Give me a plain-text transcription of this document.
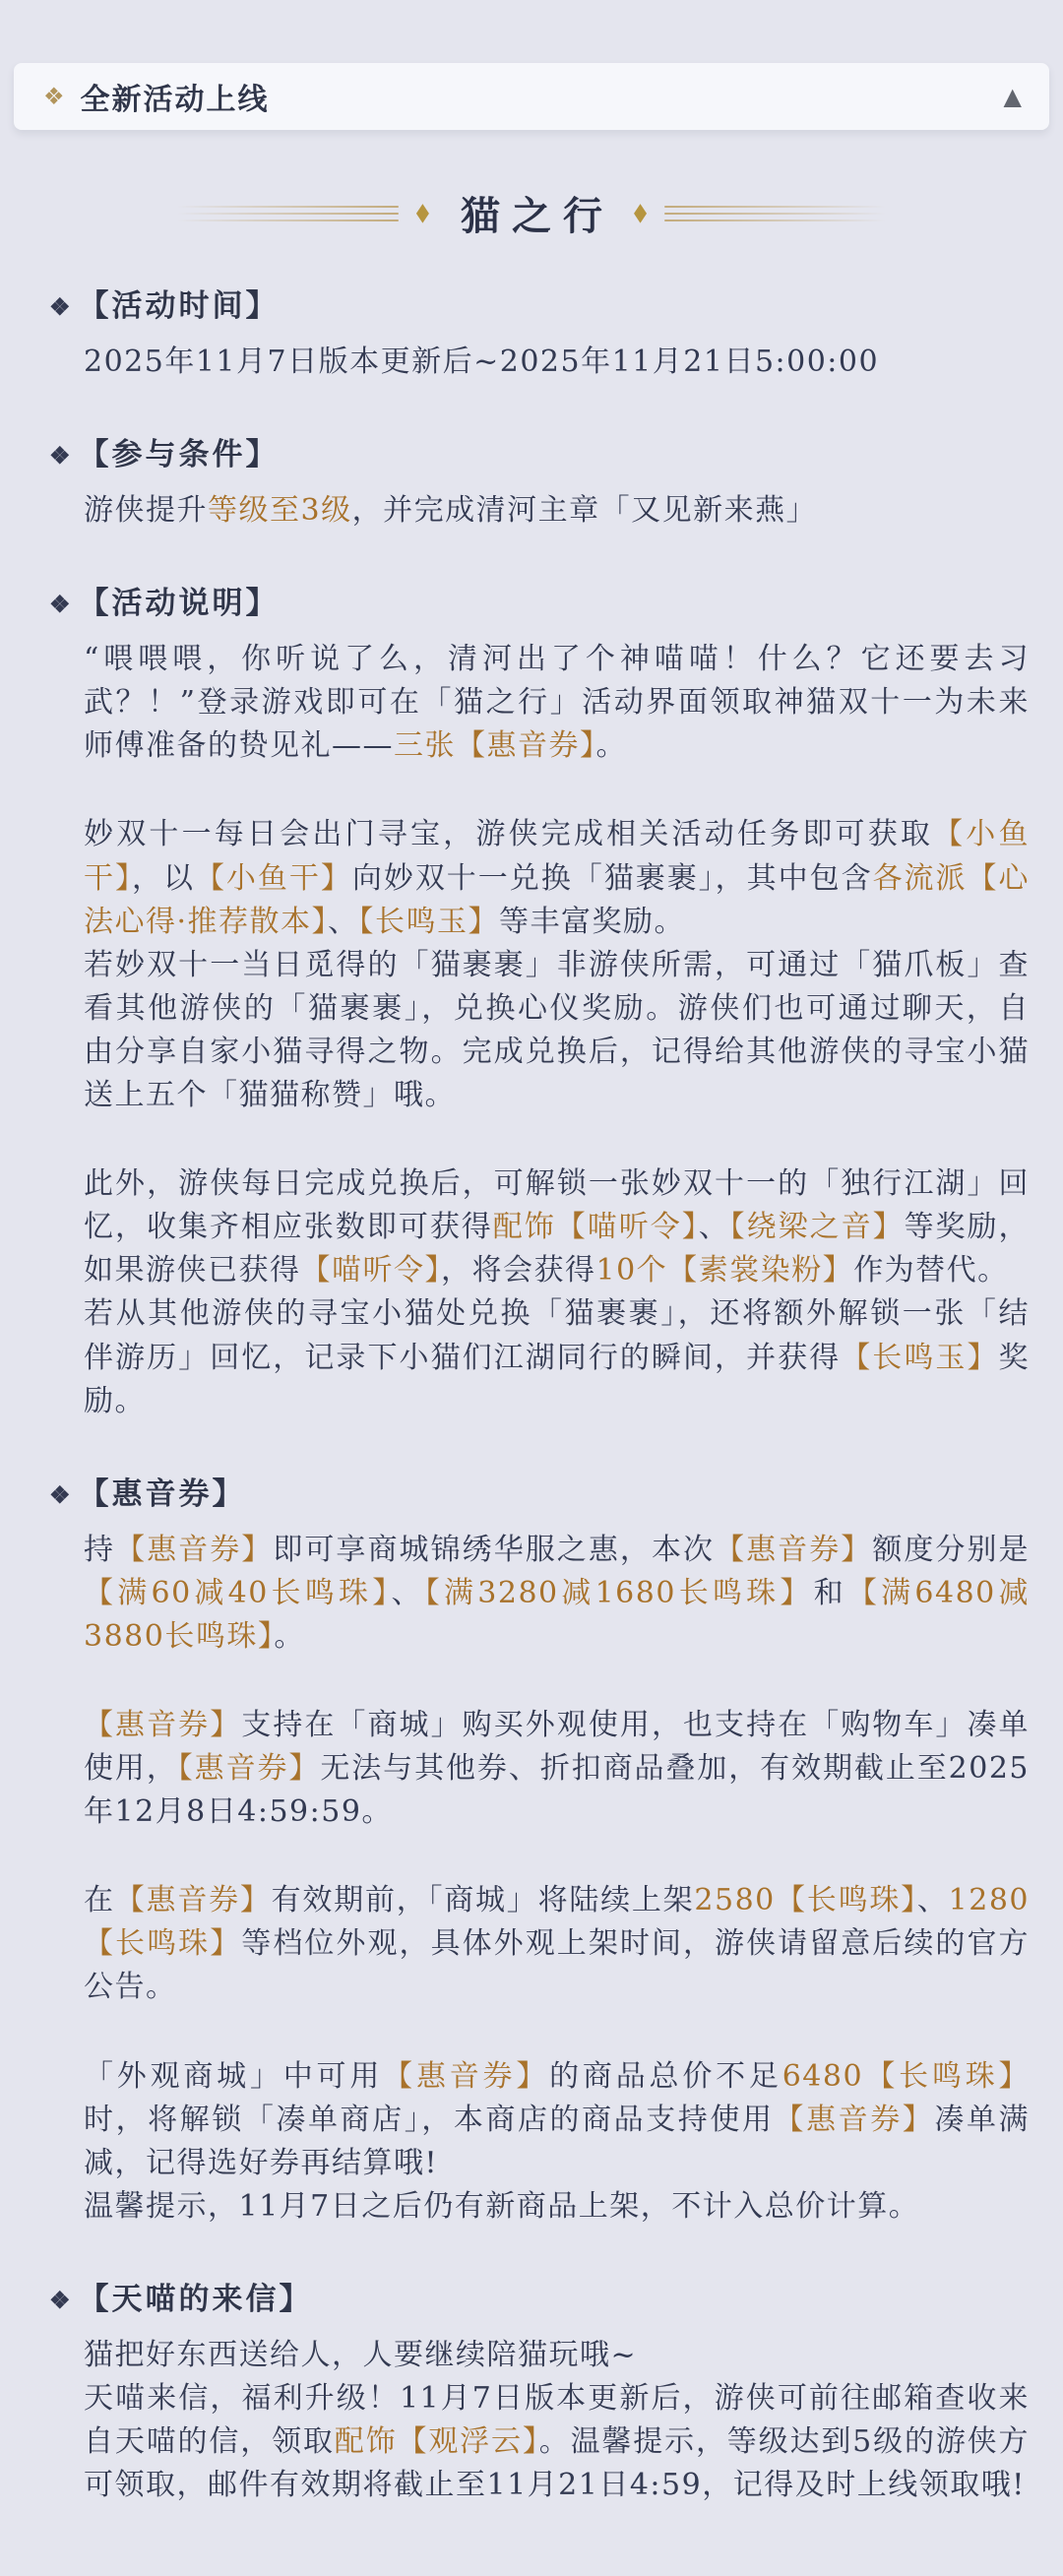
❖ 全新活动上线	▲
◆ 猫之行 ◆
❖ 【活动时间】

2025年11月7日版本更新后~2025年11月21日5:00:00

❖ 【参与条件】

游侠提升等级至3级，并完成清河主章「又见新来燕」

❖ 【活动说明】

“喂喂喂，你听说了么，清河出了个神喵喵！什么？它还要去习武？！”登录游戏即可在「猫之行」活动界面领取神猫双十一为未来师傅准备的贽见礼——三张【惠音券】。

妙双十一每日会出门寻宝，游侠完成相关活动任务即可获取【小鱼干】，以【小鱼干】向妙双十一兑换「猫裹裹」，其中包含各流派【心法心得·推荐散本】、【长鸣玉】等丰富奖励。

若妙双十一当日觅得的「猫裹裹」非游侠所需，可通过「猫爪板」查看其他游侠的「猫裹裹」，兑换心仪奖励。游侠们也可通过聊天，自由分享自家小猫寻得之物。完成兑换后，记得给其他游侠的寻宝小猫送上五个「猫猫称赞」哦。

此外，游侠每日完成兑换后，可解锁一张妙双十一的「独行江湖」回忆，收集齐相应张数即可获得配饰【喵听令】、【绕梁之音】等奖励，如果游侠已获得【喵听令】，将会获得10个【素裳染粉】作为替代。

若从其他游侠的寻宝小猫处兑换「猫裹裹」，还将额外解锁一张「结伴游历」回忆，记录下小猫们江湖同行的瞬间，并获得【长鸣玉】奖励。

❖ 【惠音券】

持【惠音券】即可享商城锦绣华服之惠，本次【惠音券】额度分别是【满60减40长鸣珠】、【满3280减1680长鸣珠】和【满6480减3880长鸣珠】。

【惠音券】支持在「商城」购买外观使用，也支持在「购物车」凑单使用，【惠音券】无法与其他券、折扣商品叠加，有效期截止至2025年12月8日4:59:59。

在【惠音券】有效期前，「商城」将陆续上架2580【长鸣珠】、1280【长鸣珠】等档位外观，具体外观上架时间，游侠请留意后续的官方公告。

「外观商城」中可用【惠音券】的商品总价不足6480【长鸣珠】时，将解锁「凑单商店」，本商店的商品支持使用【惠音券】凑单满减，记得选好券再结算哦!

温馨提示，11月7日之后仍有新商品上架，不计入总价计算。

❖ 【天喵的来信】

猫把好东西送给人，人要继续陪猫玩哦~

天喵来信，福利升级！11月7日版本更新后，游侠可前往邮箱查收来自天喵的信，领取配饰【观浮云】。温馨提示，等级达到5级的游侠方可领取，邮件有效期将截止至11月21日4:59，记得及时上线领取哦!
